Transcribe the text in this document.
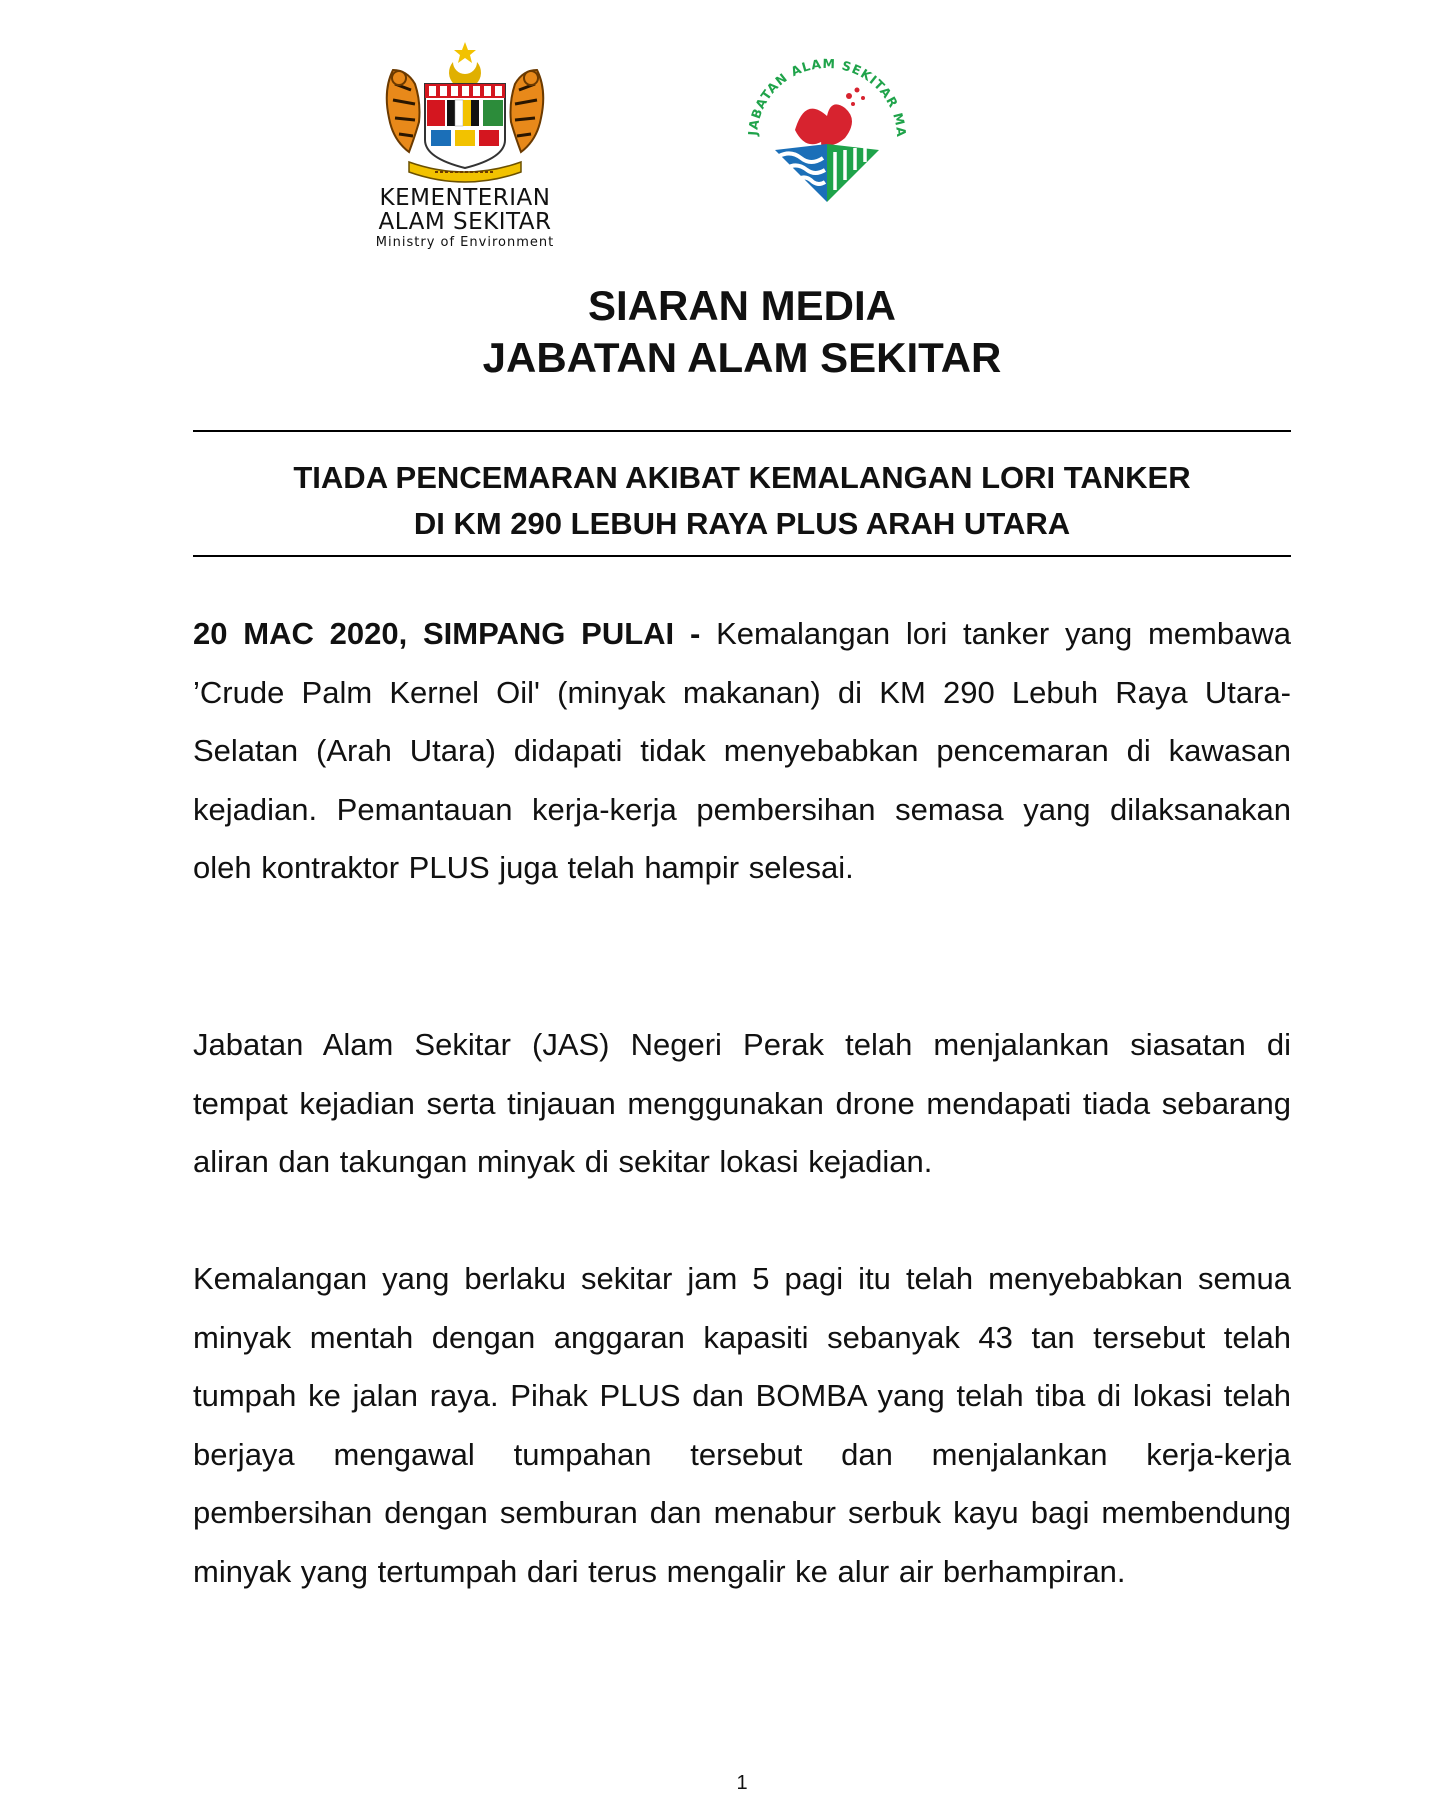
KEMENTERIAN
ALAM SEKITAR
Ministry of Environment
JABATAN ALAM SEKITAR MA
SIARAN MEDIA
JABATAN ALAM SEKITAR
TIADA PENCEMARAN AKIBAT KEMALANGAN LORI TANKER
DI KM 290 LEBUH RAYA PLUS ARAH UTARA

20 MAC 2020, SIMPANG PULAI - Kemalangan lori tanker yang membawa ’Crude Palm Kernel Oil' (minyak makanan) di KM 290 Lebuh Raya Utara-Selatan (Arah Utara) didapati tidak menyebabkan pencemaran di kawasan kejadian. Pemantauan kerja-kerja pembersihan semasa yang dilaksanakan oleh kontraktor PLUS juga telah hampir selesai.

Jabatan Alam Sekitar (JAS) Negeri Perak telah menjalankan siasatan di tempat kejadian serta tinjauan menggunakan drone mendapati tiada sebarang aliran dan takungan minyak di sekitar lokasi kejadian.

Kemalangan yang berlaku sekitar jam 5 pagi itu telah menyebabkan semua minyak mentah dengan anggaran kapasiti sebanyak 43 tan tersebut telah tumpah ke jalan raya. Pihak PLUS dan BOMBA yang telah tiba di lokasi telah berjaya mengawal tumpahan tersebut dan menjalankan kerja-kerja pembersihan dengan semburan dan menabur serbuk kayu bagi membendung minyak yang tertumpah dari terus mengalir ke alur air berhampiran.

1
